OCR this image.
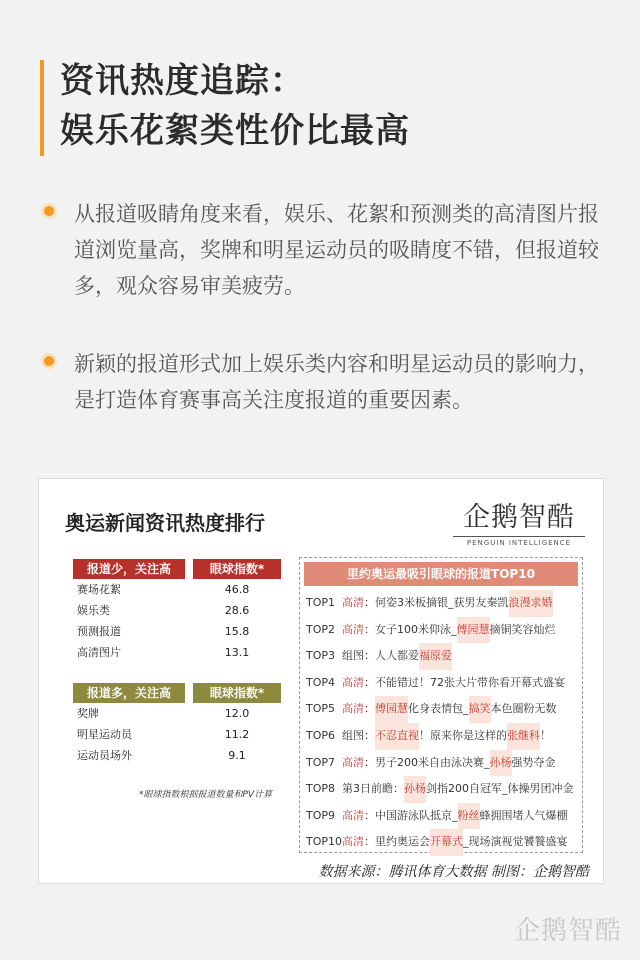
资讯热度追踪：
娱乐花絮类性价比最高
从报道吸睛角度来看，娱乐、花絮和预测类的高清图片报道浏览量高，奖牌和明星运动员的吸睛度不错，但报道较多，观众容易审美疲劳。
新颖的报道形式加上娱乐类内容和明星运动员的影响力，是打造体育赛事高关注度报道的重要因素。
奥运新闻资讯热度排行	企鹅智酷
PENGUIN INTELLIGENCE
报道少，关注高	眼球指数*
赛场花絮	46.8
娱乐类	28.6
预测报道	15.8
高清图片	13.1
报道多，关注高	眼球指数*
奖牌	12.0
明星运动员	11.2
运动员场外	9.1
*眼球指数根据报道数量和PV计算
里约奥运最吸引眼球的报道TOP10
TOP1 高清 ：何姿3米板摘银_获男友秦凯 浪漫求婚
TOP2 高清 ：女子100米仰泳_ 傅园慧 摘铜笑容灿烂
TOP3 组图 ：人人都爱 福原爱
TOP4 高清 ：不能错过！72张大片带你看开幕式盛宴
TOP5 高清 ： 傅园慧 化身表情包_ 搞笑 本色圈粉无数
TOP6 组图 ： 不忍直视 ！原来你是这样的 张继科 ！
TOP7 高清 ：男子200米自由泳决赛_ 孙杨 强势夺金
TOP8 第3日前瞻 ： 孙杨 剑指200自冠军_体操男团冲金
TOP9 高清 ：中国游泳队抵京_ 粉丝 蜂拥围堵人气爆棚
TOP10 高清 ：里约奥运会 开幕式 _现场演视觉饕餮盛宴
数据来源：腾讯体育大数据 制图：企鹅智酷
企鹅智酷
